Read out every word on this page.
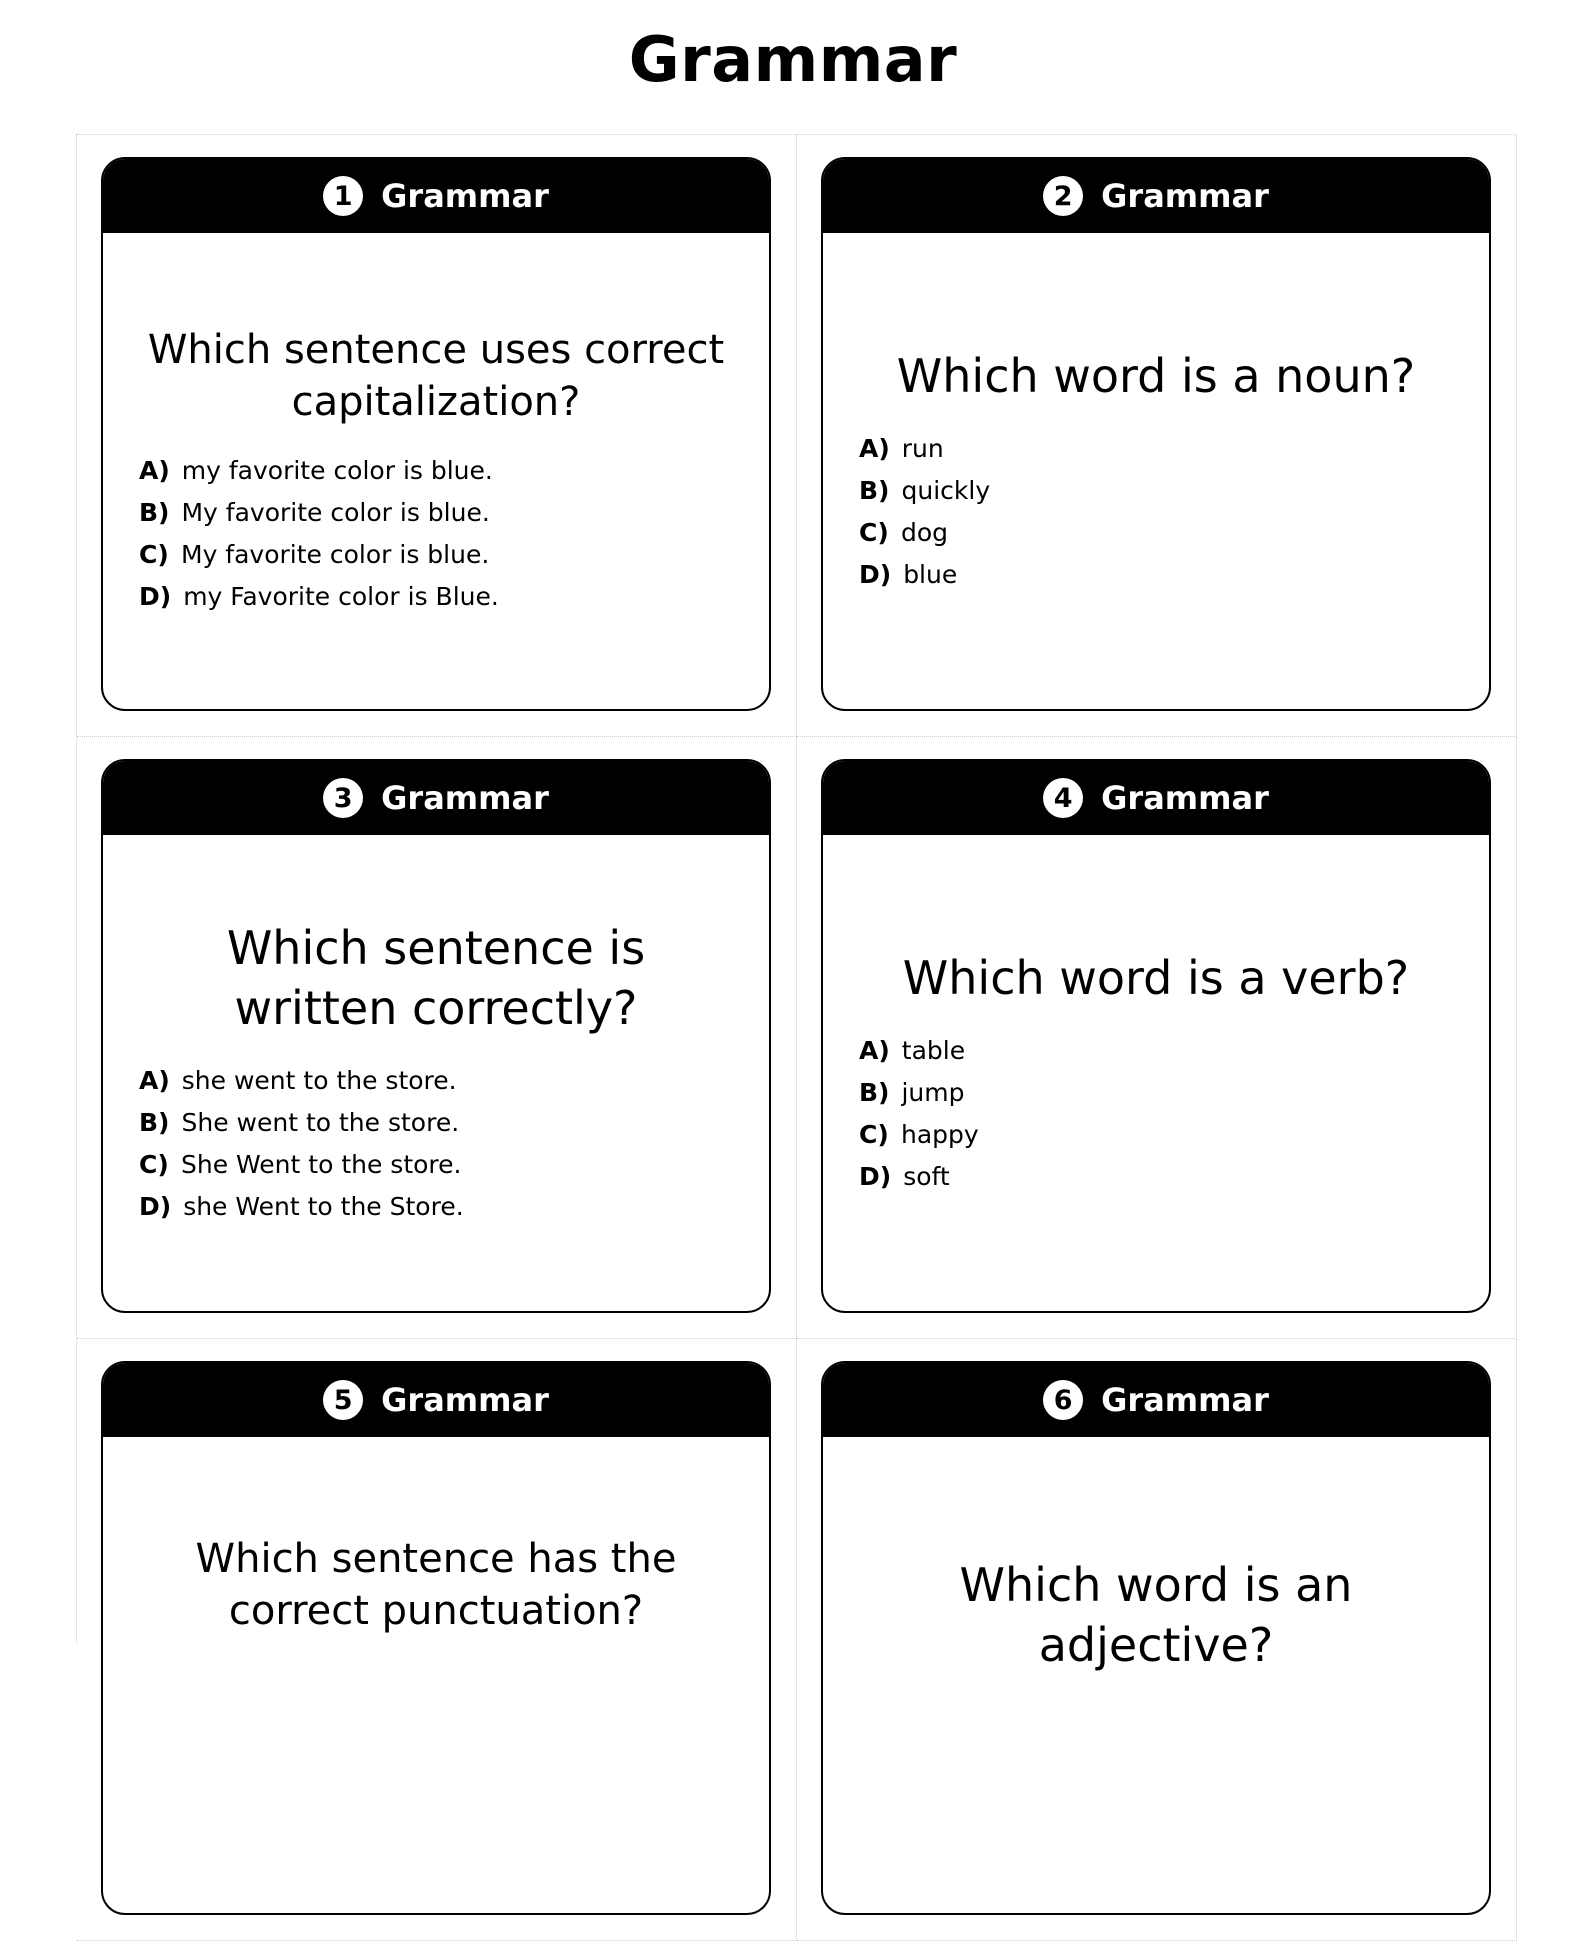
Grammar
1 Grammar
Which sentence uses correct capitalization?
A) my favorite color is blue.
B) My favorite color is blue.
C) My favorite color is blue.
D) my Favorite color is Blue.
2 Grammar
Which word is a noun?
A) run
B) quickly
C) dog
D) blue
3 Grammar
Which sentence is written correctly?
A) she went to the store.
B) She went to the store.
C) She Went to the store.
D) she Went to the Store.
4 Grammar
Which word is a verb?
A) table
B) jump
C) happy
D) soft
5 Grammar
Which sentence has the correct punctuation?
6 Grammar
Which word is an adjective?
